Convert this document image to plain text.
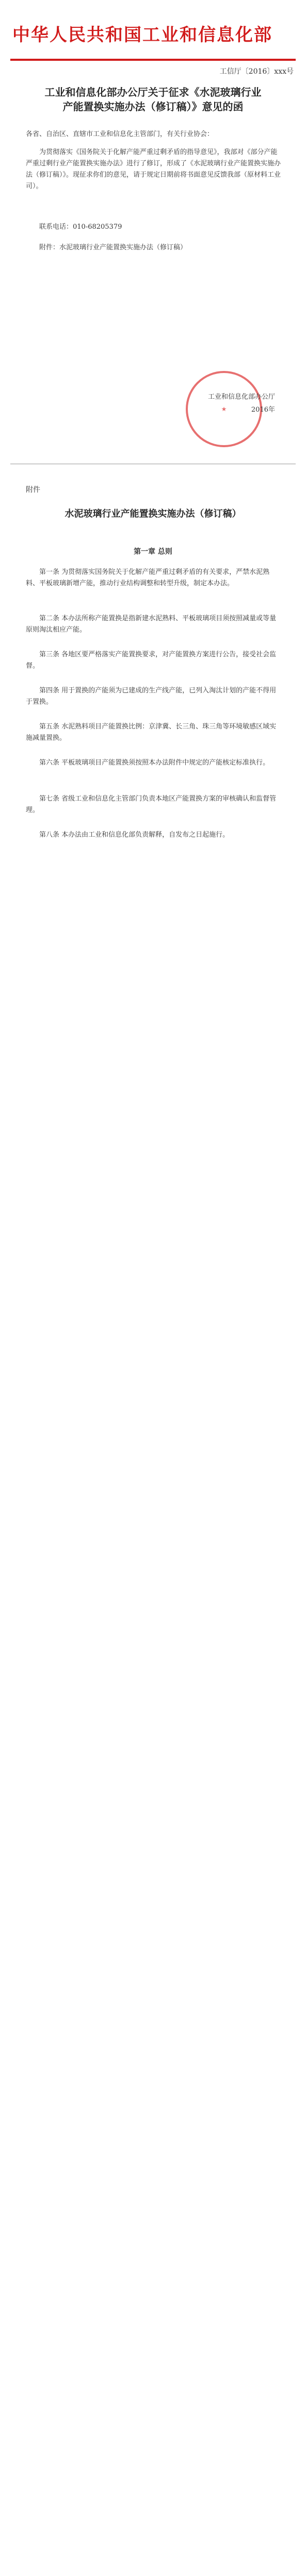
中华人民共和国工业和信息化部
工信厅〔2016〕xxx号
工业和信息化部办公厅关于征求《水泥玻璃行业产能置换实施办法（修订稿）》意见的函
各省、自治区、直辖市工业和信息化主管部门，有关行业协会：
为贯彻落实《国务院关于化解产能严重过剩矛盾的指导意见》，我部对《部分产能严重过剩行业产能置换实施办法》进行了修订，形成了《水泥玻璃行业产能置换实施办法（修订稿）》。现征求你们的意见，请于规定日期前将书面意见反馈我部（原材料工业司）。
联系电话：010-68205379
附件：水泥玻璃行业产能置换实施办法（修订稿）
★
工业和信息化部办公厅
2016年
附件
水泥玻璃行业产能置换实施办法（修订稿）
第一章 总则
第一条 为贯彻落实国务院关于化解产能严重过剩矛盾的有关要求，严禁水泥熟料、平板玻璃新增产能，推动行业结构调整和转型升级，制定本办法。
第二条 本办法所称产能置换是指新建水泥熟料、平板玻璃项目须按照减量或等量原则淘汰相应产能。
第三条 各地区要严格落实产能置换要求，对产能置换方案进行公告，接受社会监督。
第四条 用于置换的产能须为已建成的生产线产能，已列入淘汰计划的产能不得用于置换。
第五条 水泥熟料项目产能置换比例：京津冀、长三角、珠三角等环境敏感区域实施减量置换。
第六条 平板玻璃项目产能置换须按照本办法附件中规定的产能核定标准执行。
第七条 省级工业和信息化主管部门负责本地区产能置换方案的审核确认和监督管理。
第八条 本办法由工业和信息化部负责解释，自发布之日起施行。
